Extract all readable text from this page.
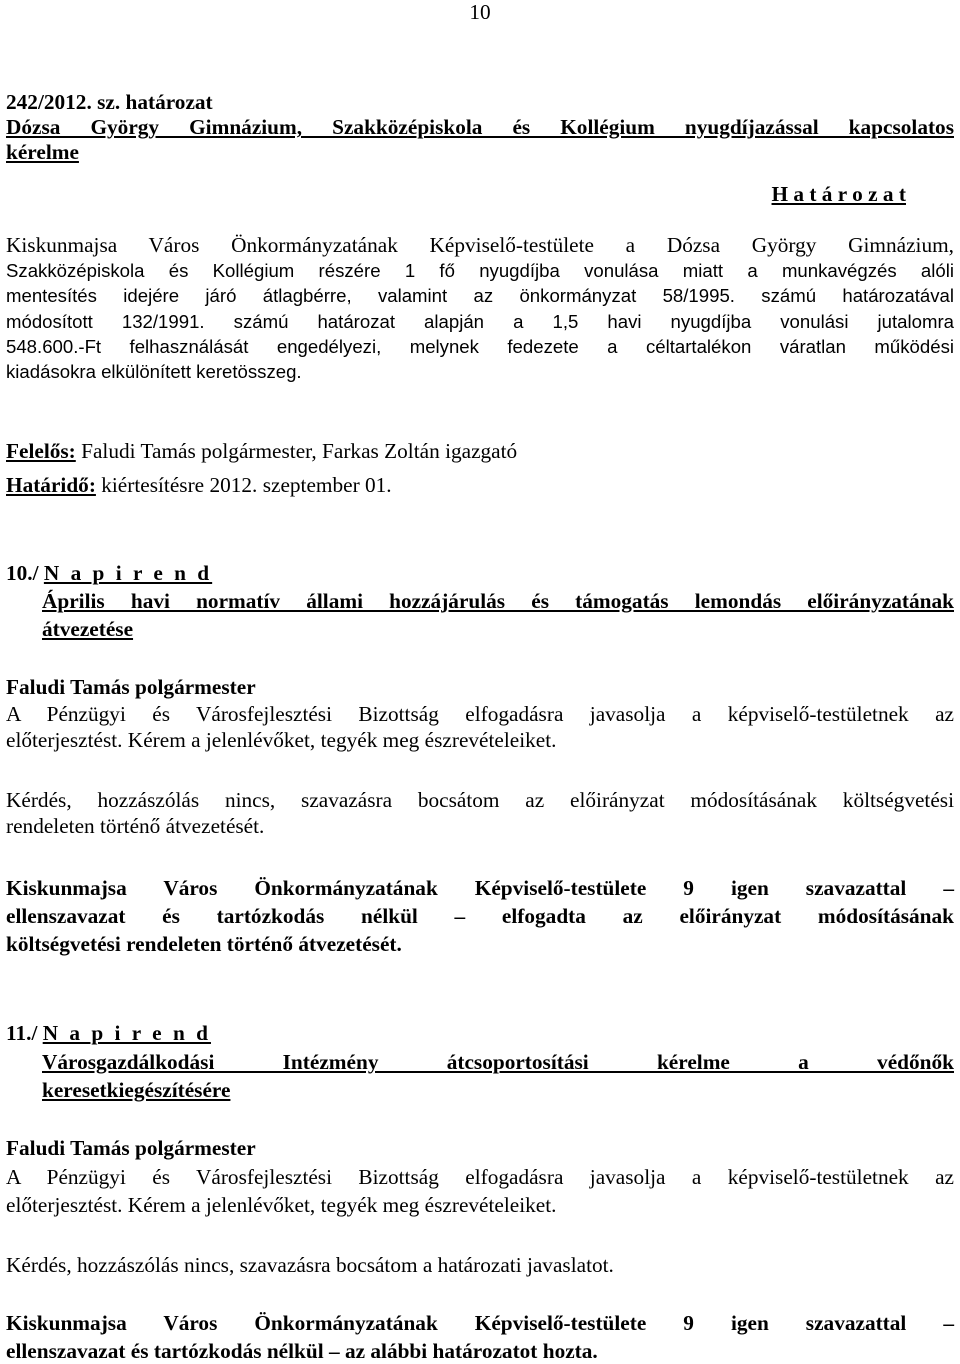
10
242/2012. sz. határozat
Dózsa György Gimnázium, Szakközépiskola és Kollégium nyugdíjazással kapcsolatos
kérelme
H a t á r o z a t
Kiskunmajsa Város Önkormányzatának Képviselő-testülete a Dózsa György Gimnázium,
Szakközépiskola és Kollégium részére 1 fő nyugdíjba vonulása miatt a munkavégzés alóli
mentesítés idejére járó átlagbérre, valamint az önkormányzat 58/1995. számú határozatával
módosított 132/1991. számú határozat alapján a 1,5 havi nyugdíjba vonulási jutalomra
548.600.-Ft felhasználását engedélyezi, melynek fedezete a céltartalékon váratlan működési
kiadásokra elkülönített keretösszeg.
Felelős: Faludi Tamás polgármester, Farkas Zoltán igazgató
Határidő: kiértesítésre 2012. szeptember 01.
10./ N a p i r e n d
Április havi normatív állami hozzájárulás és támogatás lemondás előirányzatának
átvezetése
Faludi Tamás polgármester
A Pénzügyi és Városfejlesztési Bizottság elfogadásra javasolja a képviselő-testületnek az
előterjesztést. Kérem a jelenlévőket, tegyék meg észrevételeiket.
Kérdés, hozzászólás nincs, szavazásra bocsátom az előirányzat módosításának költségvetési
rendeleten történő átvezetését.
Kiskunmajsa Város Önkormányzatának Képviselő-testülete 9 igen szavazattal –
ellenszavazat és tartózkodás nélkül – elfogadta az előirányzat módosításának
költségvetési rendeleten történő átvezetését.
11./ N a p i r e n d
Városgazdálkodási Intézmény átcsoportosítási kérelme a védőnők
keresetkiegészítésére
Faludi Tamás polgármester
A Pénzügyi és Városfejlesztési Bizottság elfogadásra javasolja a képviselő-testületnek az
előterjesztést. Kérem a jelenlévőket, tegyék meg észrevételeiket.
Kérdés, hozzászólás nincs, szavazásra bocsátom a határozati javaslatot.
Kiskunmajsa Város Önkormányzatának Képviselő-testülete 9 igen szavazattal –
ellenszavazat és tartózkodás nélkül – az alábbi határozatot hozta.
